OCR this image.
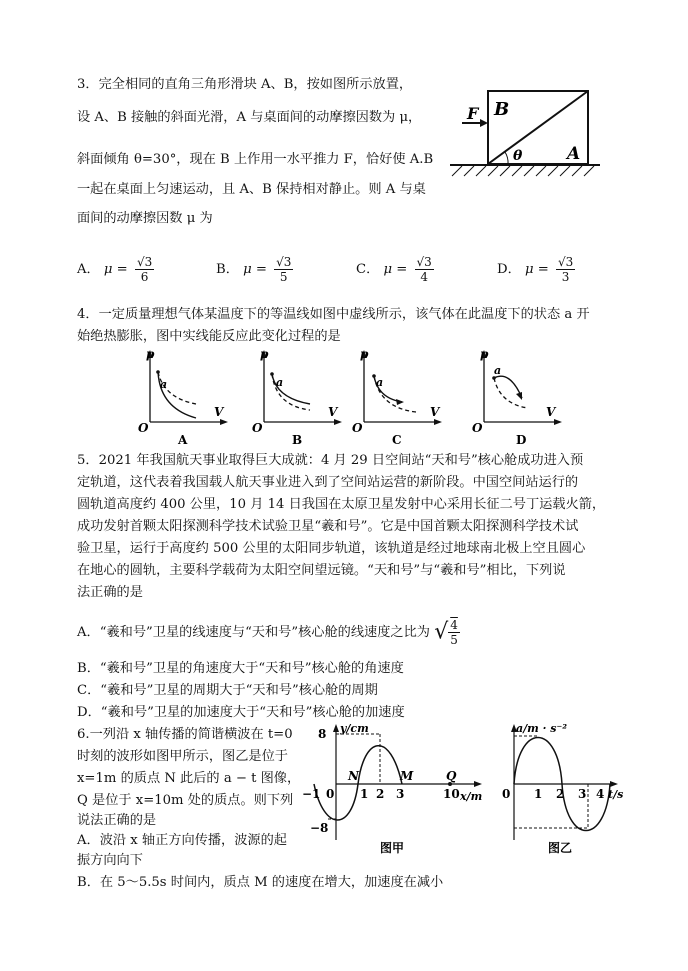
3．完全相同的直角三角形滑块 A、B，按如图所示放置，
设 A、B 接触的斜面光滑，A 与桌面间的动摩擦因数为 μ，
斜面倾角 θ=30°，现在 B 上作用一水平推力 F，恰好使 A.B
一起在桌面上匀速运动，且 A、B 保持相对静止。则 A 与桌
面间的动摩擦因数 μ 为
B
A
F
θ
A． $\mu = \frac{√3}{6}$	B． $\mu = \frac{√3}{5}$	C． $\mu = \frac{√3}{4}$	D． $\mu = \frac{√3}{3}$
4．一定质量理想气体某温度下的等温线如图中虚线所示，该气体在此温度下的状态 a 开
始绝热膨胀，图中实线能反应此变化过程的是
p
V
O
a
A
p
V
O
a
B
p
V
O
a
C
p
V
O
a
D
5．2021 年我国航天事业取得巨大成就：4 月 29 日空间站“天和号”核心舱成功进入预
定轨道，这代表着我国载人航天事业进入到了空间站运营的新阶段。中国空间站运行的
圆轨道高度约 400 公里，10 月 14 日我国在太原卫星发射中心采用长征二号丁运载火箭，
成功发射首颗太阳探测科学技术试验卫星“羲和号”。它是中国首颗太阳探测科学技术试
验卫星，运行于高度约 500 公里的太阳同步轨道，该轨道是经过地球南北极上空且圆心
在地心的圆轨，主要科学载荷为太阳空间望远镜。“天和号”与“羲和号”相比，下列说
法正确的是
A．“羲和号”卫星的线速度与“天和号”核心舱的线速度之比为 √ $\frac{4}{5}$
B．“羲和号”卫星的角速度大于“天和号”核心舱的角速度
C．“羲和号”卫星的周期大于“天和号”核心舱的周期
D．“羲和号”卫星的加速度大于“天和号”核心舱的加速度
6.一列沿 x 轴传播的简谐横波在 t=0
时刻的波形如图甲所示，图乙是位于
x=1m 的质点 N 此后的 a − t 图像，
Q 是位于 x=10m 处的质点。则下列
说法正确的是
A．波沿 x 轴正方向传播，波源的起
振方向向下
B．在 5～5.5s 时间内，质点 M 的速度在增大，加速度在减小
8
−8
y/cm
x/m
−1 0 1 2 3	10
N	M	Q
图甲
0
a/m · s⁻²
t/s
1 2 3 4
图乙
